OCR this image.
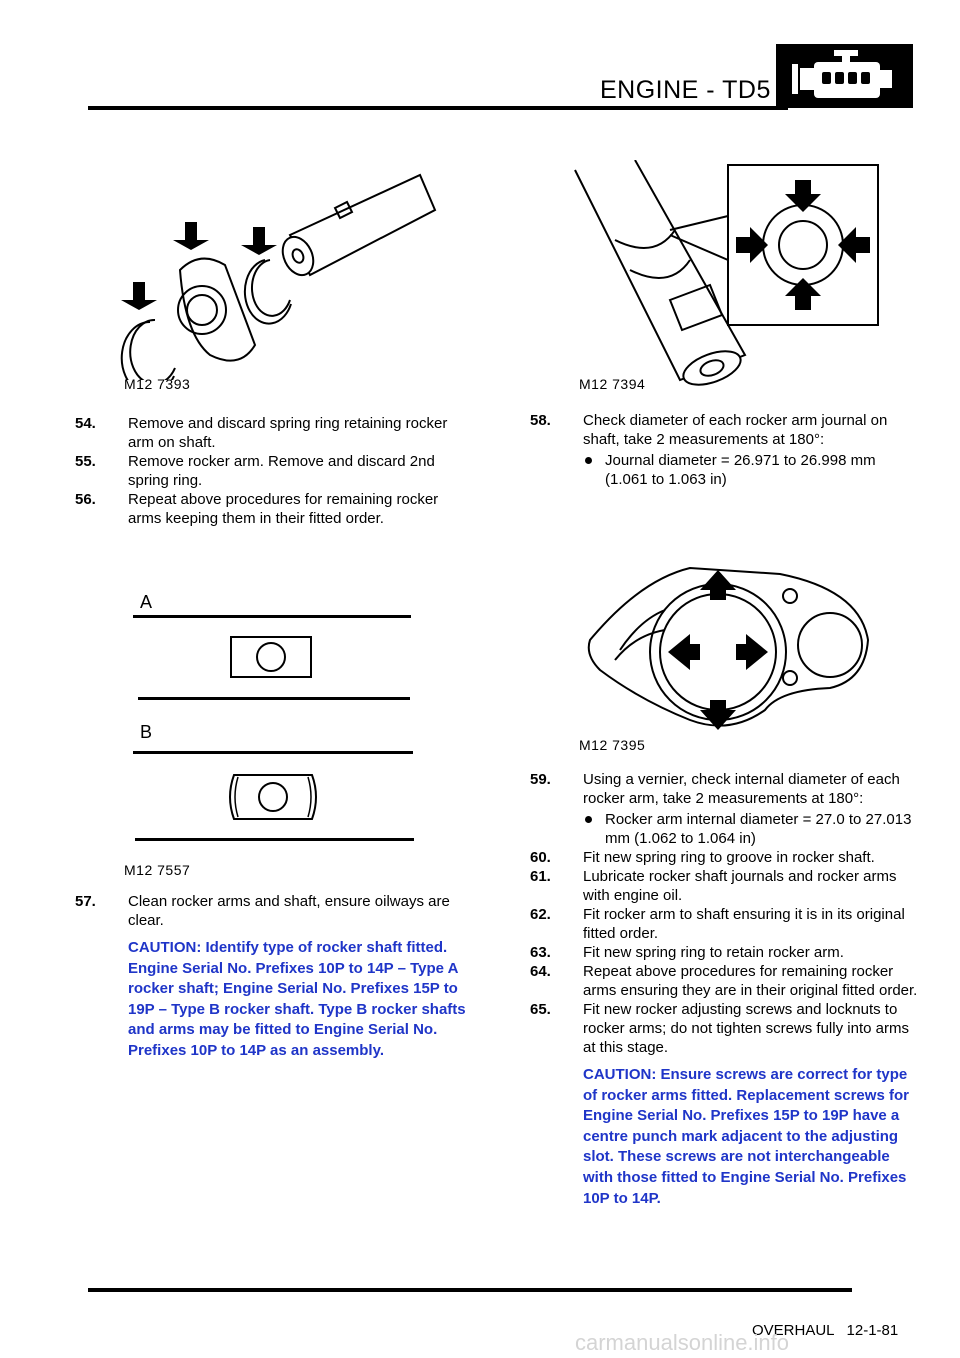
ENGINE - TD5
M12 7393	M12 7394

54. Remove and discard spring ring retaining rocker arm on shaft.

55. Remove rocker arm. Remove and discard 2nd spring ring.

56. Repeat above procedures for remaining rocker arms keeping them in their fitted order.

A
B
M12 7557

57. Clean rocker arms and shaft, ensure oilways are clear.

CAUTION: Identify type of rocker shaft fitted. Engine Serial No. Prefixes 10P to 14P – Type A rocker shaft; Engine Serial No. Prefixes 15P to 19P – Type B rocker shaft. Type B rocker shafts and arms may be fitted to Engine Serial No. Prefixes 10P to 14P as an assembly.

58. Check diameter of each rocker arm journal on shaft, take 2 measurements at 180°:

Journal diameter = 26.971 to 26.998 mm (1.061 to 1.063 in)

M12 7395

59. Using a vernier, check internal diameter of each rocker arm, take 2 measurements at 180°:

Rocker arm internal diameter = 27.0 to 27.013 mm (1.062 to 1.064 in)

60. Fit new spring ring to groove in rocker shaft.

61. Lubricate rocker shaft journals and rocker arms with engine oil.

62. Fit rocker arm to shaft ensuring it is in its original fitted order.

63. Fit new spring ring to retain rocker arm.

64. Repeat above procedures for remaining rocker arms ensuring they are in their original fitted order.

65. Fit new rocker adjusting screws and locknuts to rocker arms; do not tighten screws fully into arms at this stage.

CAUTION: Ensure screws are correct for type of rocker arms fitted. Replacement screws for Engine Serial No. Prefixes 15P to 19P have a centre punch mark adjacent to the adjusting slot. These screws are not interchangeable with those fitted to Engine Serial No. Prefixes 10P to 14P.

OVERHAUL 12-1-81
carmanualsonline.info
